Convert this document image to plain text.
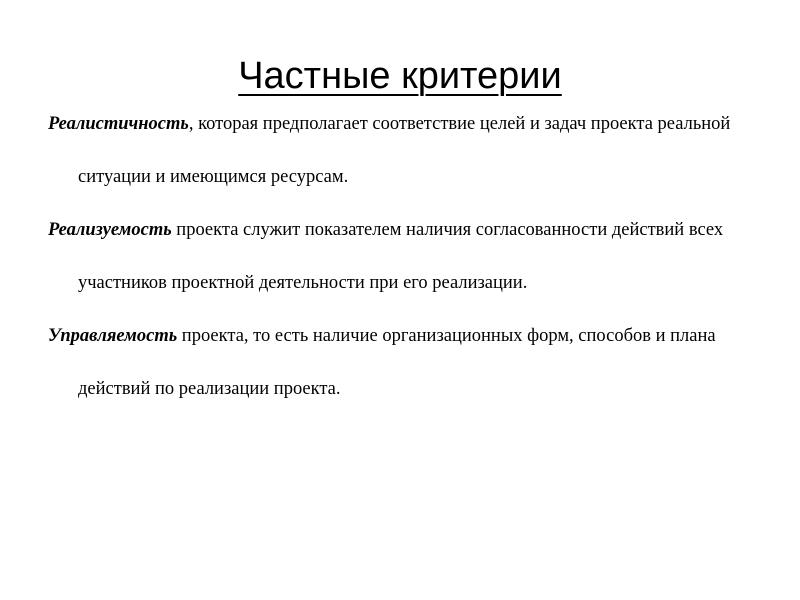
Частные критерии

Реалистичность, которая предполагает соответствие целей и задач проекта реальной ситуации и имеющимся ресурсам.

Реализуемость проекта служит показателем наличия согласованности действий всех участников проектной деятельности при его реализации.

Управляемость проекта, то есть наличие организационных форм, способов и плана действий по реализации проекта.
